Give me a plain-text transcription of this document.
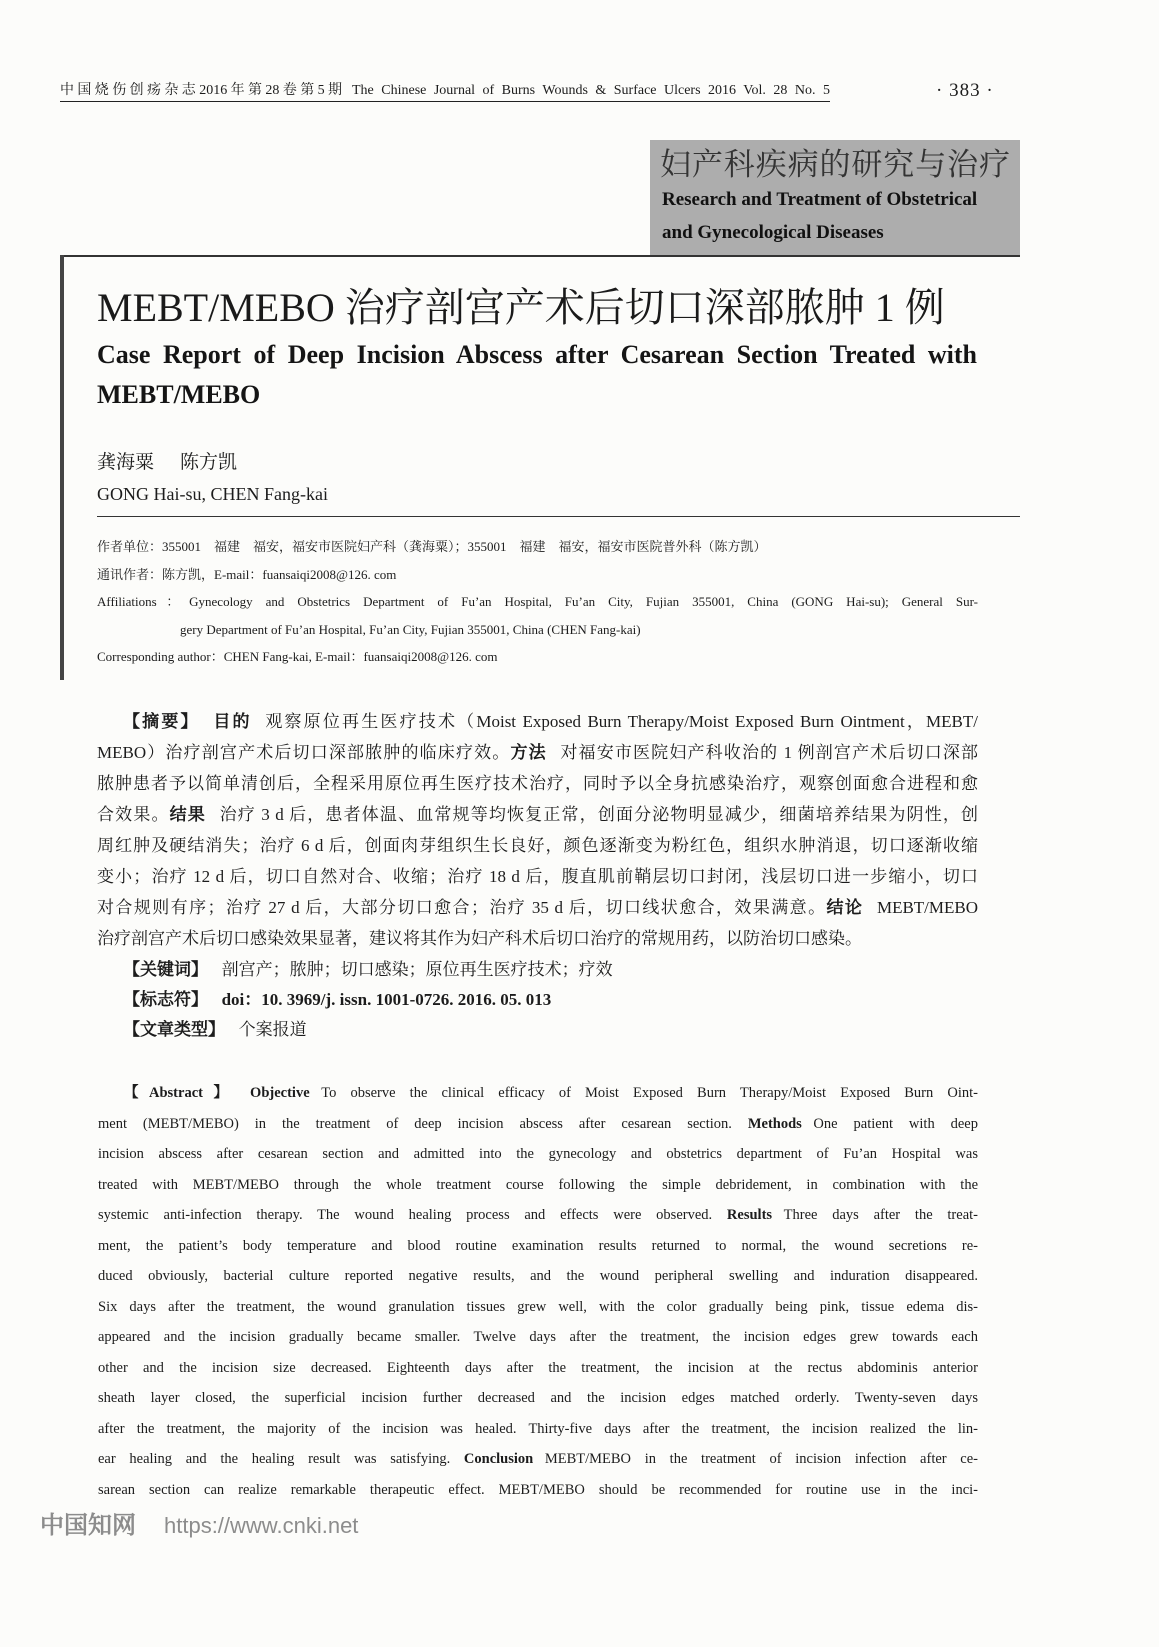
中国烧伤创疡杂志2016年第28卷第5期 The Chinese Journal of Burns Wounds & Surface Ulcers 2016 Vol. 28 No. 5	· 383 ·
妇产科疾病的研究与治疗
Research and Treatment of Obstetrical
and Gynecological Diseases
MEBT/MEBO 治疗剖宫产术后切口深部脓肿 1 例
Case Report of Deep Incision Abscess after Cesarean Section Treated with
MEBT/MEBO
龚海粟 陈方凯
GONG Hai-su, CHEN Fang-kai
作者单位：355001　福建　福安，福安市医院妇产科（龚海粟）；355001　福建　福安，福安市医院普外科（陈方凯）
通讯作者：陈方凯，E-mail：fuansaiqi2008@126. com
Affiliations：Gynecology and Obstetrics Department of Fu’an Hospital, Fu’an City, Fujian 355001, China (GONG Hai-su); General Sur-
gery Department of Fu’an Hospital, Fu’an City, Fujian 355001, China (CHEN Fang-kai)
Corresponding author：CHEN Fang-kai, E-mail：fuansaiqi2008@126. com
【摘要】 目的 观察原位再生医疗技术（Moist Exposed Burn Therapy/Moist Exposed Burn Ointment，MEBT/
MEBO）治疗剖宫产术后切口深部脓肿的临床疗效。方法 对福安市医院妇产科收治的 1 例剖宫产术后切口深部
脓肿患者予以简单清创后，全程采用原位再生医疗技术治疗，同时予以全身抗感染治疗，观察创面愈合进程和愈
合效果。结果 治疗 3 d 后，患者体温、血常规等均恢复正常，创面分泌物明显减少，细菌培养结果为阴性，创
周红肿及硬结消失；治疗 6 d 后，创面肉芽组织生长良好，颜色逐渐变为粉红色，组织水肿消退，切口逐渐收缩
变小；治疗 12 d 后，切口自然对合、收缩；治疗 18 d 后，腹直肌前鞘层切口封闭，浅层切口进一步缩小，切口
对合规则有序；治疗 27 d 后，大部分切口愈合；治疗 35 d 后，切口线状愈合，效果满意。结论 MEBT/MEBO
治疗剖宫产术后切口感染效果显著，建议将其作为妇产科术后切口治疗的常规用药，以防治切口感染。
【关键词】 剖宫产；脓肿；切口感染；原位再生医疗技术；疗效
【标志符】 doi：10. 3969/j. issn. 1001-0726. 2016. 05. 013
【文章类型】 个案报道
【Abstract】 Objective To observe the clinical efficacy of Moist Exposed Burn Therapy/Moist Exposed Burn Oint-
ment (MEBT/MEBO) in the treatment of deep incision abscess after cesarean section. Methods One patient with deep
incision abscess after cesarean section and admitted into the gynecology and obstetrics department of Fu’an Hospital was
treated with MEBT/MEBO through the whole treatment course following the simple debridement, in combination with the
systemic anti-infection therapy. The wound healing process and effects were observed. Results Three days after the treat-
ment, the patient’s body temperature and blood routine examination results returned to normal, the wound secretions re-
duced obviously, bacterial culture reported negative results, and the wound peripheral swelling and induration disappeared.
Six days after the treatment, the wound granulation tissues grew well, with the color gradually being pink, tissue edema dis-
appeared and the incision gradually became smaller. Twelve days after the treatment, the incision edges grew towards each
other and the incision size decreased. Eighteenth days after the treatment, the incision at the rectus abdominis anterior
sheath layer closed, the superficial incision further decreased and the incision edges matched orderly. Twenty-seven days
after the treatment, the majority of the incision was healed. Thirty-five days after the treatment, the incision realized the lin-
ear healing and the healing result was satisfying. Conclusion MEBT/MEBO in the treatment of incision infection after ce-
sarean section can realize remarkable therapeutic effect. MEBT/MEBO should be recommended for routine use in the inci-
中国知网 https://www.cnki.net
